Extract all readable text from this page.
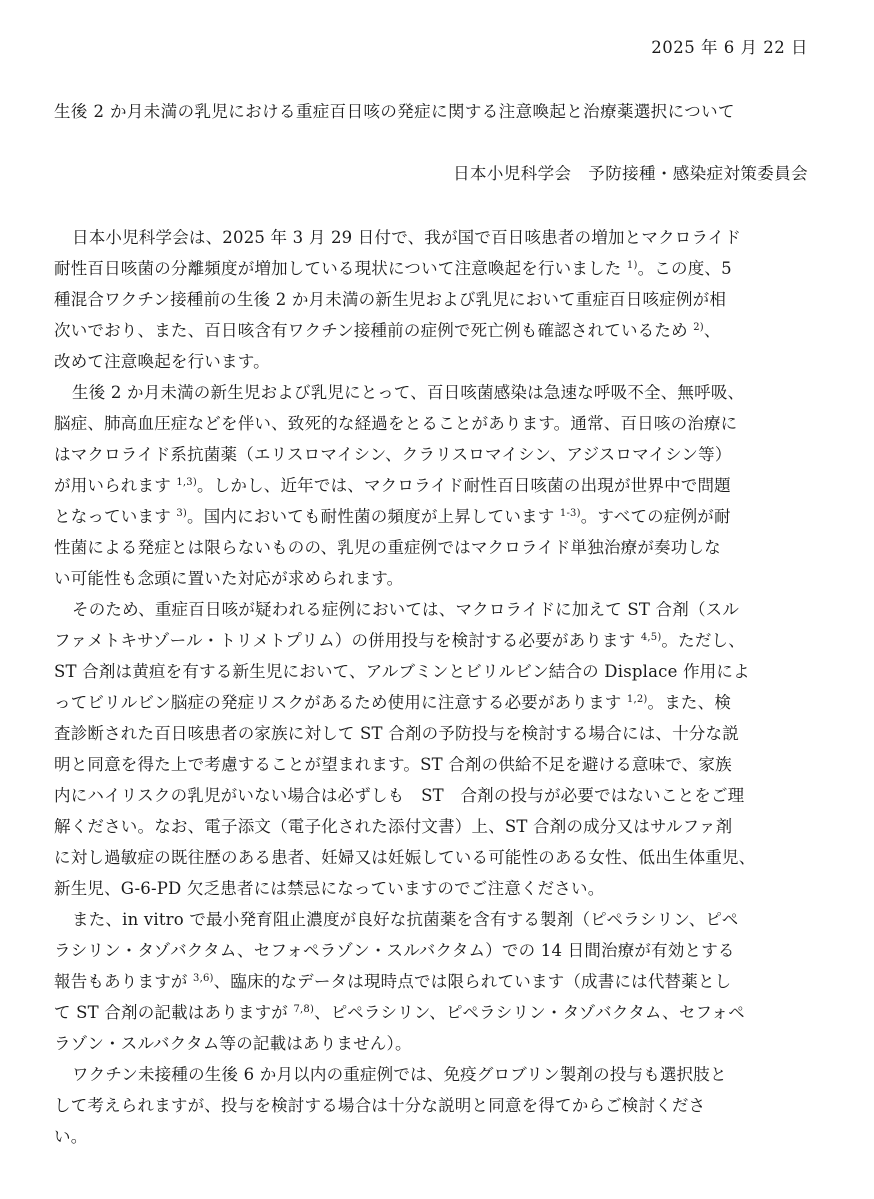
2025 年 6 月 22 日
生後 2 か月未満の乳児における重症百日咳の発症に関する注意喚起と治療薬選択について
日本小児科学会　予防接種・感染症対策委員会
日本小児科学会は、2025 年 3 月 29 日付で、我が国で百日咳患者の増加とマクロライド
耐性百日咳菌の分離頻度が増加している現状について注意喚起を行いました $^{1)}$。この度、5
種混合ワクチン接種前の生後 2 か月未満の新生児および乳児において重症百日咳症例が相
次いでおり、また、百日咳含有ワクチン接種前の症例で死亡例も確認されているため $^{2)}$、
改めて注意喚起を行います。
生後 2 か月未満の新生児および乳児にとって、百日咳菌感染は急速な呼吸不全、無呼吸、
脳症、肺高血圧症などを伴い、致死的な経過をとることがあります。通常、百日咳の治療に
はマクロライド系抗菌薬（エリスロマイシン、クラリスロマイシン、アジスロマイシン等）
が用いられます $^{1,3)}$。しかし、近年では、マクロライド耐性百日咳菌の出現が世界中で問題
となっています $^{3)}$。国内においても耐性菌の頻度が上昇しています $^{1-3)}$。すべての症例が耐
性菌による発症とは限らないものの、乳児の重症例ではマクロライド単独治療が奏功しな
い可能性も念頭に置いた対応が求められます。
そのため、重症百日咳が疑われる症例においては、マクロライドに加えて ST 合剤（スル
ファメトキサゾール・トリメトプリム）の併用投与を検討する必要があります $^{4,5)}$。ただし、
ST 合剤は黄疸を有する新生児において、アルブミンとビリルビン結合の Displace 作用によ
ってビリルビン脳症の発症リスクがあるため使用に注意する必要があります $^{1,2)}$。また、検
査診断された百日咳患者の家族に対して ST 合剤の予防投与を検討する場合には、十分な説
明と同意を得た上で考慮することが望まれます。ST 合剤の供給不足を避ける意味で、家族
内にハイリスクの乳児がいない場合は必ずしも　ST　合剤の投与が必要ではないことをご理
解ください。なお、電子添文（電子化された添付文書）上、ST 合剤の成分又はサルファ剤
に対し過敏症の既往歴のある患者、妊婦又は妊娠している可能性のある女性、低出生体重児、
新生児、G-6-PD 欠乏患者には禁忌になっていますのでご注意ください。
また、in vitro で最小発育阻止濃度が良好な抗菌薬を含有する製剤（ピペラシリン、ピペ
ラシリン・タゾバクタム、セフォペラゾン・スルバクタム）での 14 日間治療が有効とする
報告もありますが $^{3,6)}$、臨床的なデータは現時点では限られています（成書には代替薬とし
て ST 合剤の記載はありますが $^{7,8)}$、ピペラシリン、ピペラシリン・タゾバクタム、セフォペ
ラゾン・スルバクタム等の記載はありません）。
ワクチン未接種の生後 6 か月以内の重症例では、免疫グロブリン製剤の投与も選択肢と
して考えられますが、投与を検討する場合は十分な説明と同意を得てからご検討くださ
い。
